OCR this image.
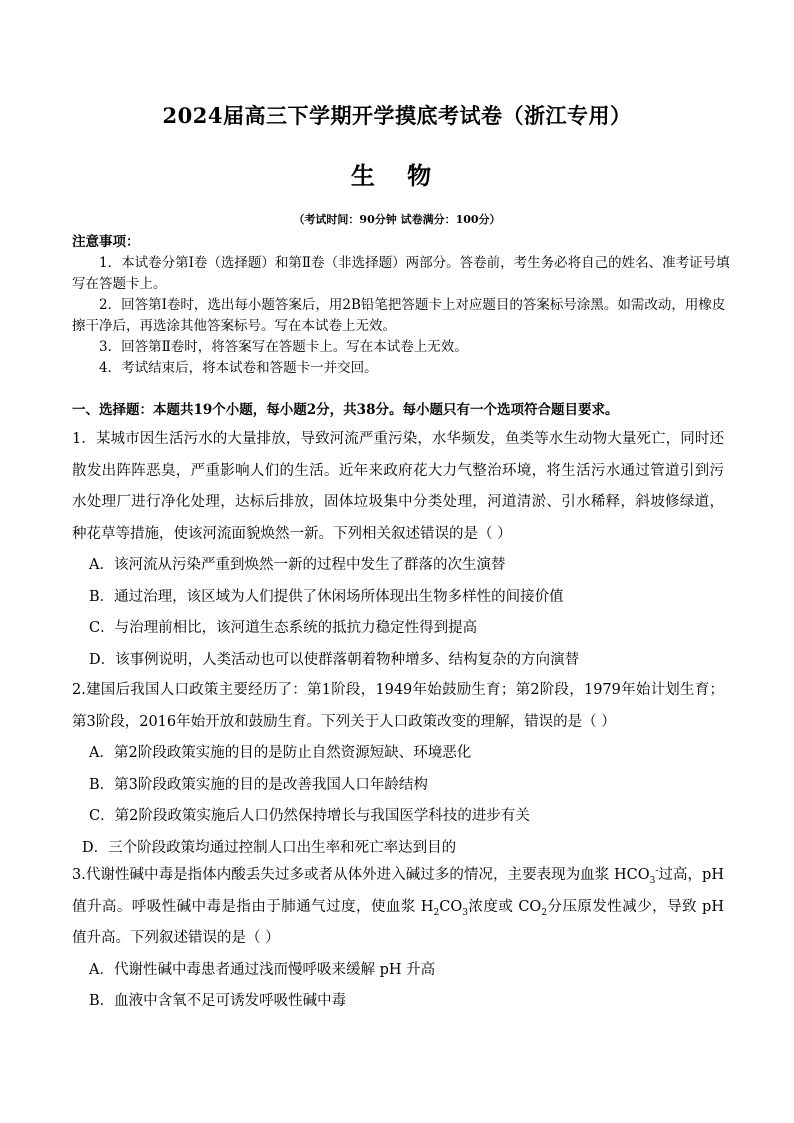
2024届高三下学期开学摸底考试卷（浙江专用）
生 物
（考试时间：90分钟 试卷满分：100分）
注意事项：

1．本试卷分第Ⅰ卷（选择题）和第Ⅱ卷（非选择题）两部分。答卷前，考生务必将自己的姓名、准考证号填写在答题卡上。

2．回答第Ⅰ卷时，选出每小题答案后，用2B铅笔把答题卡上对应题目的答案标号涂黑。如需改动，用橡皮擦干净后，再选涂其他答案标号。写在本试卷上无效。

3．回答第Ⅱ卷时，将答案写在答题卡上。写在本试卷上无效。

4．考试结束后，将本试卷和答题卡一并交回。

一、选择题：本题共19个小题，每小题2分，共38分。每小题只有一个选项符合题目要求。

1．某城市因生活污水的大量排放，导致河流严重污染，水华频发，鱼类等水生动物大量死亡，同时还散发出阵阵恶臭，严重影响人们的生活。近年来政府花大力气整治环境，将生活污水通过管道引到污水处理厂进行净化处理，达标后排放，固体垃圾集中分类处理，河道清淤、引水稀释，斜坡修绿道，种花草等措施，使该河流面貌焕然一新。下列相关叙述错误的是（ ）

A．该河流从污染严重到焕然一新的过程中发生了群落的次生演替

B．通过治理，该区域为人们提供了休闲场所体现出生物多样性的间接价值

C．与治理前相比，该河道生态系统的抵抗力稳定性得到提高

D．该事例说明，人类活动也可以使群落朝着物种增多、结构复杂的方向演替

2.建国后我国人口政策主要经历了：第1阶段，1949年始鼓励生育；第2阶段，1979年始计划生育；第3阶段，2016年始开放和鼓励生育。下列关于人口政策改变的理解，错误的是（ ）

A．第2阶段政策实施的目的是防止自然资源短缺、环境恶化

B．第3阶段政策实施的目的是改善我国人口年龄结构

C．第2阶段政策实施后人口仍然保持增长与我国医学科技的进步有关

D．三个阶段政策均通过控制人口出生率和死亡率达到目的

3.代谢性碱中毒是指体内酸丢失过多或者从体外进入碱过多的情况，主要表现为血浆 $HCO_3^-$过高，pH值升高。呼吸性碱中毒是指由于肺通气过度，使血浆 $H_2CO_3$浓度或 $CO_2$分压原发性减少，导致 pH 值升高。下列叙述错误的是（ ）

A．代谢性碱中毒患者通过浅而慢呼吸来缓解 pH 升高

B．血液中含氧不足可诱发呼吸性碱中毒
